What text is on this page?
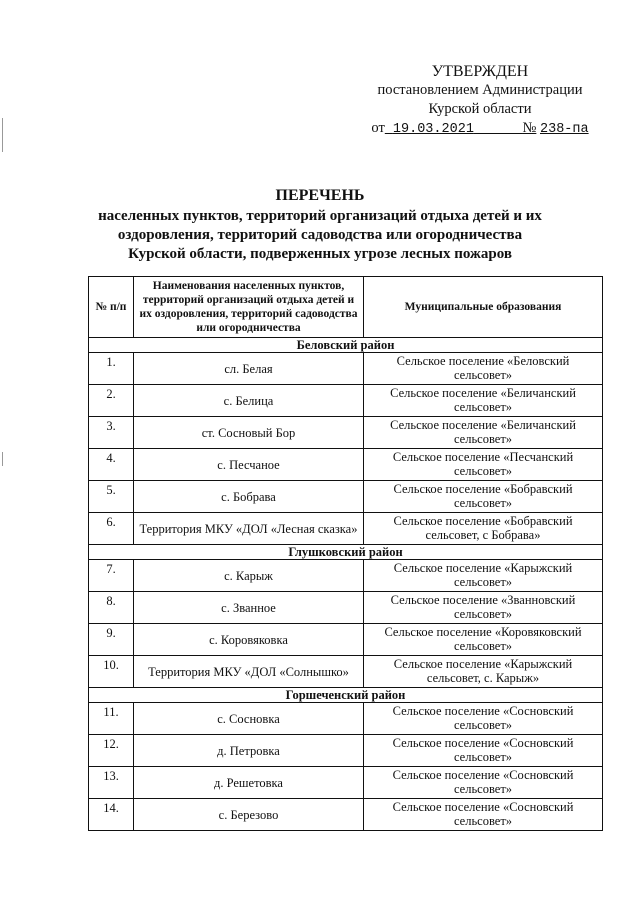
УТВЕРЖДЕН
постановлением Администрации
Курской области
от 19.03.2021	№ 238-па
ПЕРЕЧЕНЬ
населенных пунктов, территорий организаций отдыха детей и их
оздоровления, территорий садоводства или огородничества
Курской области, подверженных угрозе лесных пожаров
№ п/п	Наименования населенных пунктов, территорий организаций отдыха детей и их оздоровления, территорий садоводства или огородничества	Муниципальные образования
Беловский район		
1.	сл. Белая	Сельское поселение «Беловский сельсовет»
2.	с. Белица	Сельское поселение «Беличанский сельсовет»
3.	ст. Сосновый Бор	Сельское поселение «Беличанский сельсовет»
4.	с. Песчаное	Сельское поселение «Песчанский сельсовет»
5.	с. Бобрава	Сельское поселение «Бобравский сельсовет»
6.	Территория МКУ «ДОЛ «Лесная сказка»	Сельское поселение «Бобравский сельсовет, с Бобрава»
Глушковский район		
7.	с. Карыж	Сельское поселение «Карыжский сельсовет»
8.	с. Званное	Сельское поселение «Званновский сельсовет»
9.	с. Коровяковка	Сельское поселение «Коровяковский сельсовет»
10.	Территория МКУ «ДОЛ «Солнышко»	Сельское поселение «Карыжский сельсовет, с. Карыж»
Горшеченский район		
11.	с. Сосновка	Сельское поселение «Сосновский сельсовет»
12.	д. Петровка	Сельское поселение «Сосновский сельсовет»
13.	д. Решетовка	Сельское поселение «Сосновский сельсовет»
14.	с. Березово	Сельское поселение «Сосновский сельсовет»
